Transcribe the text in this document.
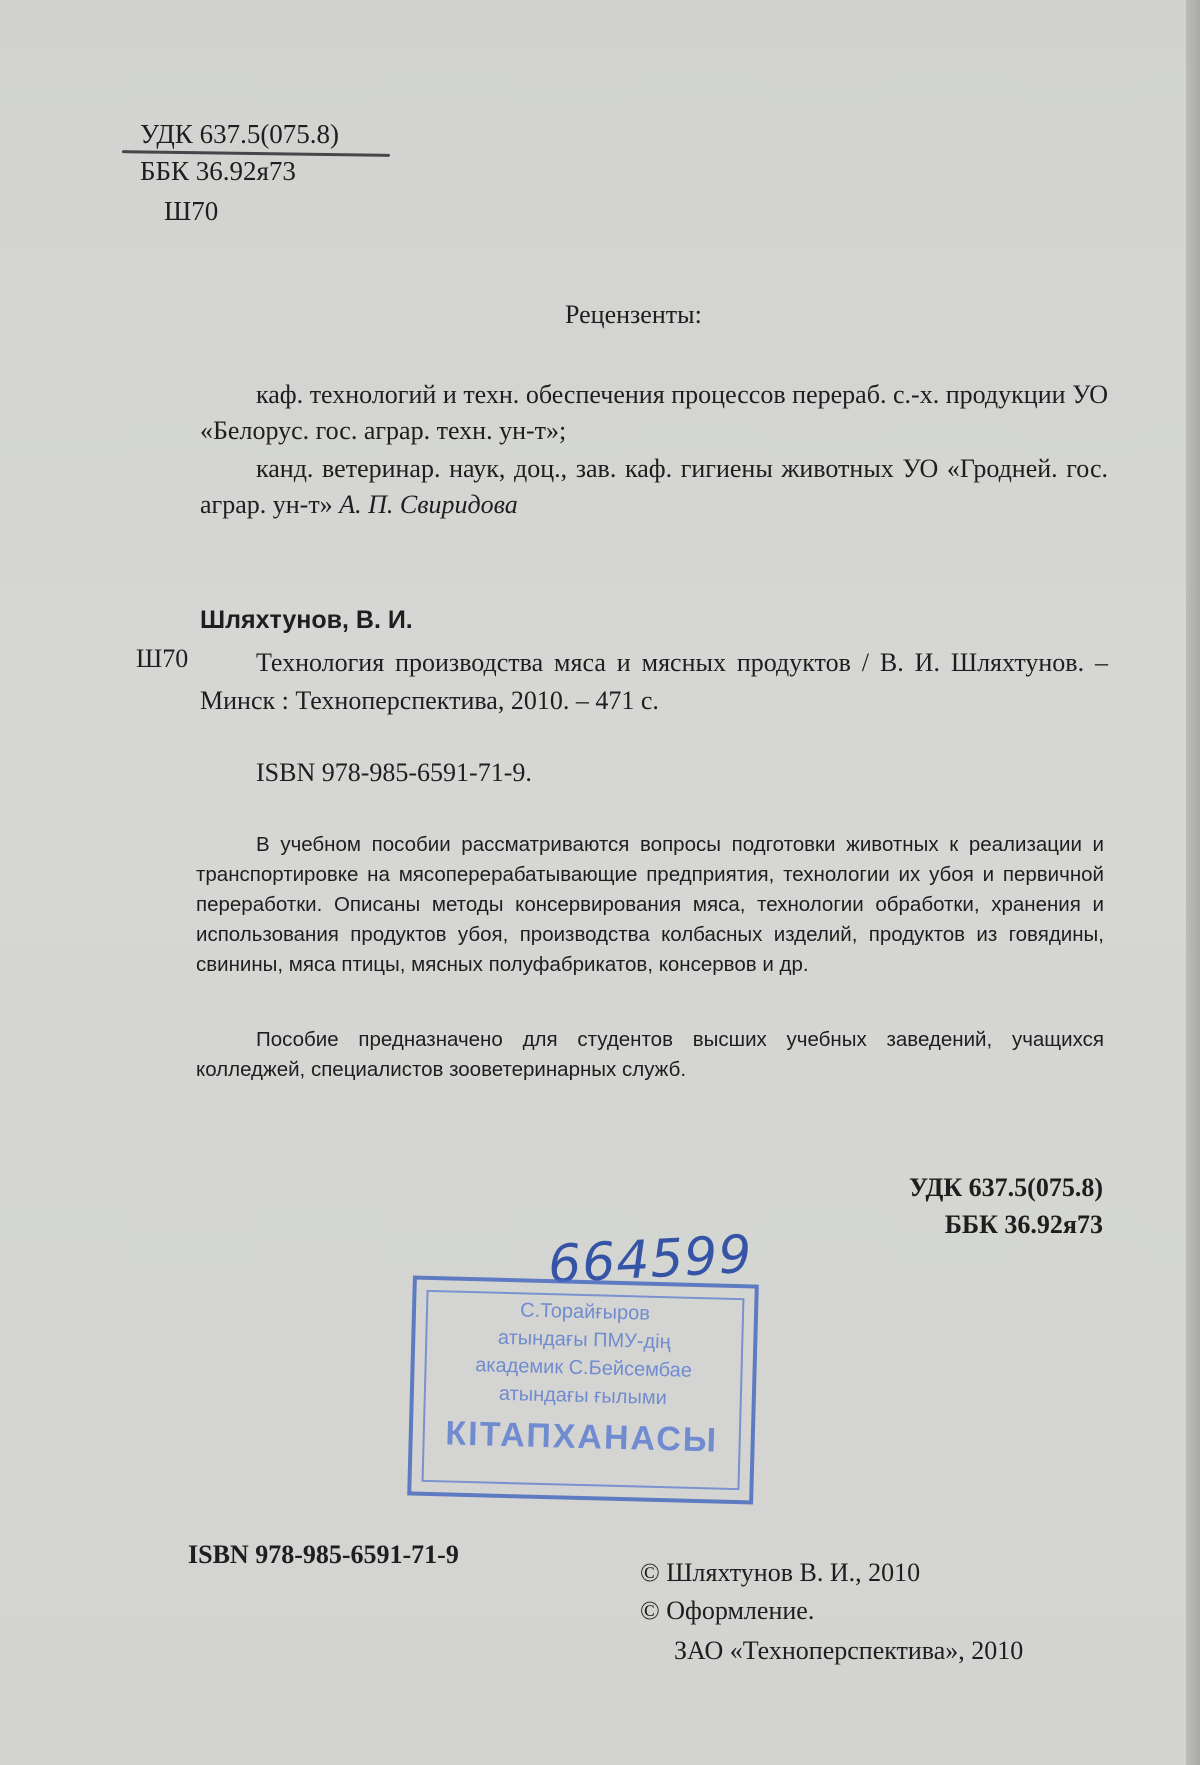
УДК 637.5(075.8)
ББК 36.92я73
Ш70
Рецензенты:
каф. технологий и техн. обеспечения процессов перераб. с.-х. продукции УО «Белорус. гос. аграр. техн. ун-т»;
канд. ветеринар. наук, доц., зав. каф. гигиены животных УО «Гродней. гос. аграр. ун-т» А. П. Свиридова
Шляхтунов, В. И.
Ш70	Технология производства мяса и мясных продуктов / В. И. Шляхтунов. – Минск : Техноперспектива, 2010. – 471 с.
ISBN 978-985-6591-71-9.
В учебном пособии рассматриваются вопросы подготовки животных к реализации и транспортировке на мясоперерабатывающие предприятия, технологии их убоя и первичной переработки. Описаны методы консервирования мяса, технологии обработки, хранения и использования продуктов убоя, производства колбасных изделий, продуктов из говядины, свинины, мяса птицы, мясных полуфабрикатов, консервов и др.
Пособие предназначено для студентов высших учебных заведений, учащихся колледжей, специалистов зооветеринарных служб.
УДК 637.5(075.8)
ББК 36.92я73
664599
С.Торайғыров
атындағы ПМУ-дің
академик С.Бейсембае
атындағы ғылыми
КІТАПХАНАСЫ
ISBN 978-985-6591-71-9
© Шляхтунов В. И., 2010
© Оформление.
ЗАО «Техноперспектива», 2010
